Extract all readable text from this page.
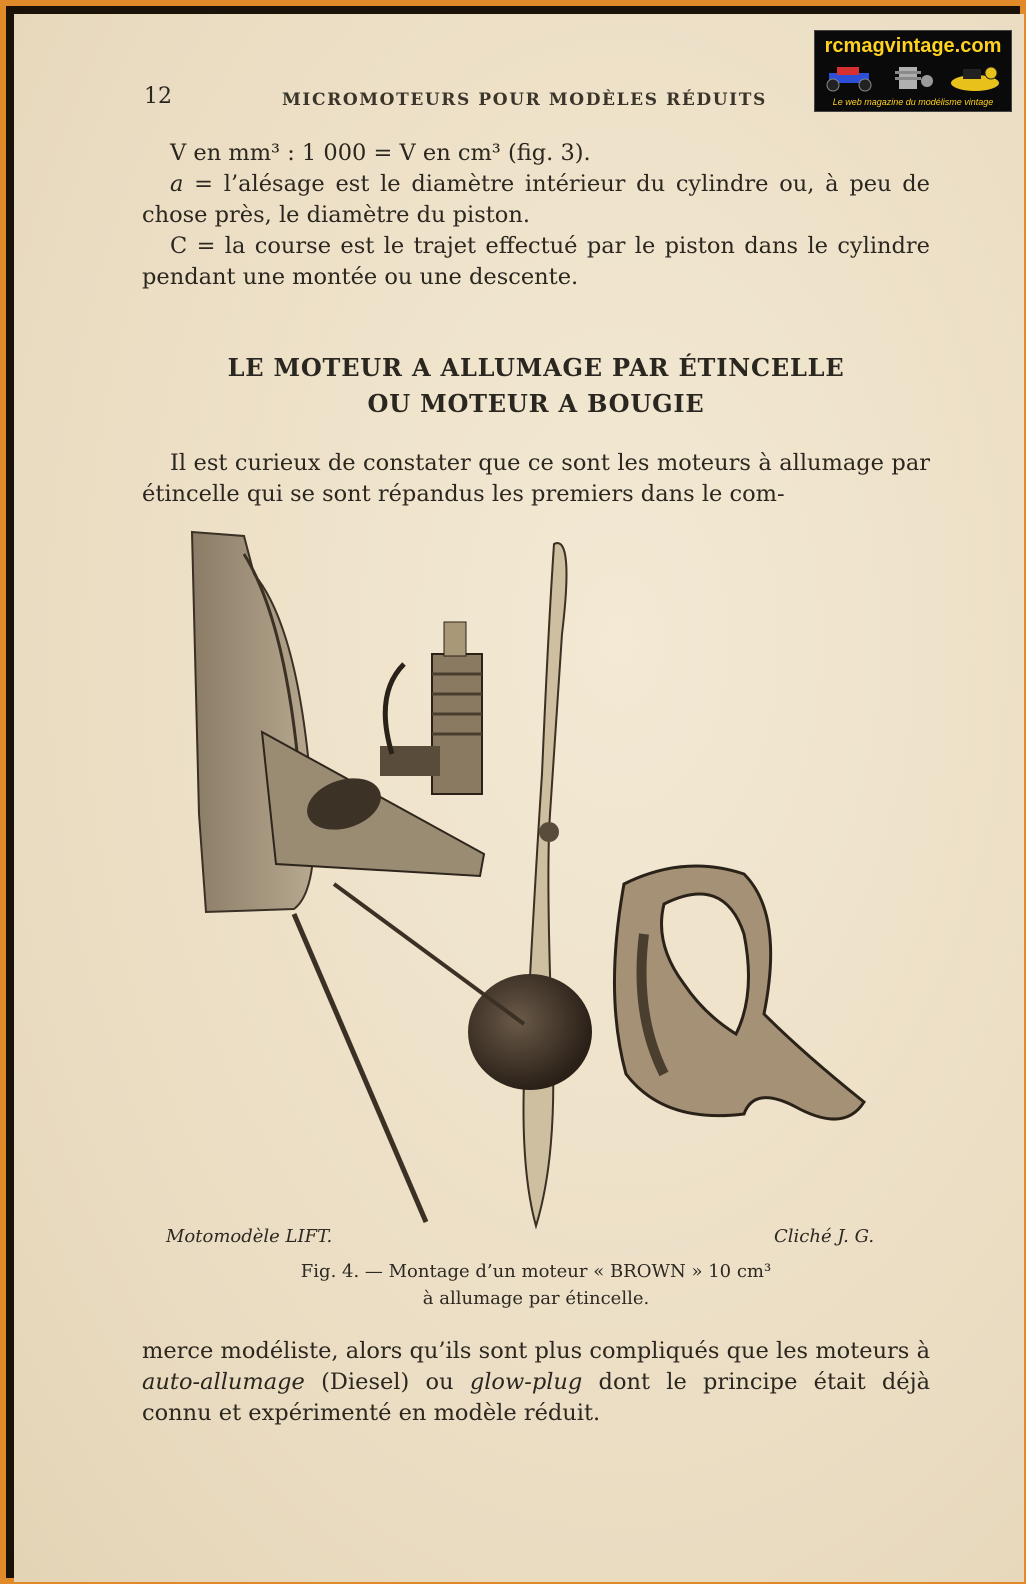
12	MICROMOTEURS POUR MODÈLES RÉDUITS
rcmagvintage.com
Le web magazine du modélisme vintage

V en mm³ : 1 000 = V en cm³ (fig. 3).

a = l’alésage est le diamètre intérieur du cylindre ou, à peu de chose près, le diamètre du piston.

C = la course est le trajet effectué par le piston dans le cylindre pendant une montée ou une descente.

LE MOTEUR A ALLUMAGE PAR ÉTINCELLE
OU MOTEUR A BOUGIE

Il est curieux de constater que ce sont les moteurs à allumage par étincelle qui se sont répandus les premiers dans le com-

Motomodèle LIFT.	Cliché J. G.
Fig. 4. — Montage d’un moteur « BROWN » 10 cm³
à allumage par étincelle.

merce modéliste, alors qu’ils sont plus compliqués que les moteurs à auto-allumage (Diesel) ou glow-plug dont le principe était déjà connu et expérimenté en modèle réduit.
